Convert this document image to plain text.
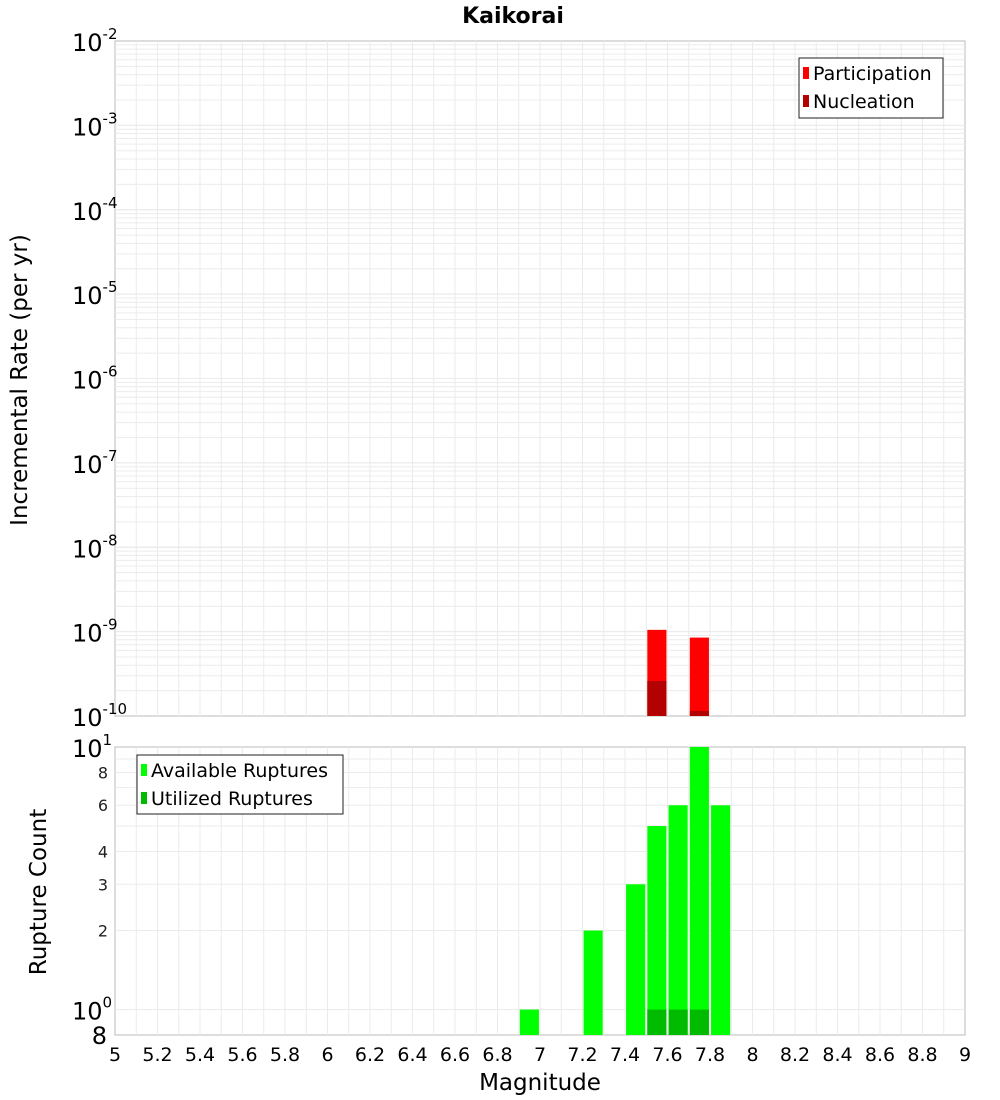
Kaikorai
$10^{-2}$
$10^{-3}$
$10^{-4}$
$10^{-5}$
$10^{-6}$
$10^{-7}$
$10^{-8}$
$10^{-9}$
$10^{-10}$
Incremental Rate (per yr)
Participation
Nucleation
$10^1$
$10^0$
8
6
4
3
2
8
5 5.2 5.4 5.6 5.8 6 6.2 6.4 6.6 6.8 7 7.2 7.4 7.6 7.8 8 8.2 8.4 8.6 8.8 9
Rupture Count
Magnitude
Available Ruptures
Utilized Ruptures
